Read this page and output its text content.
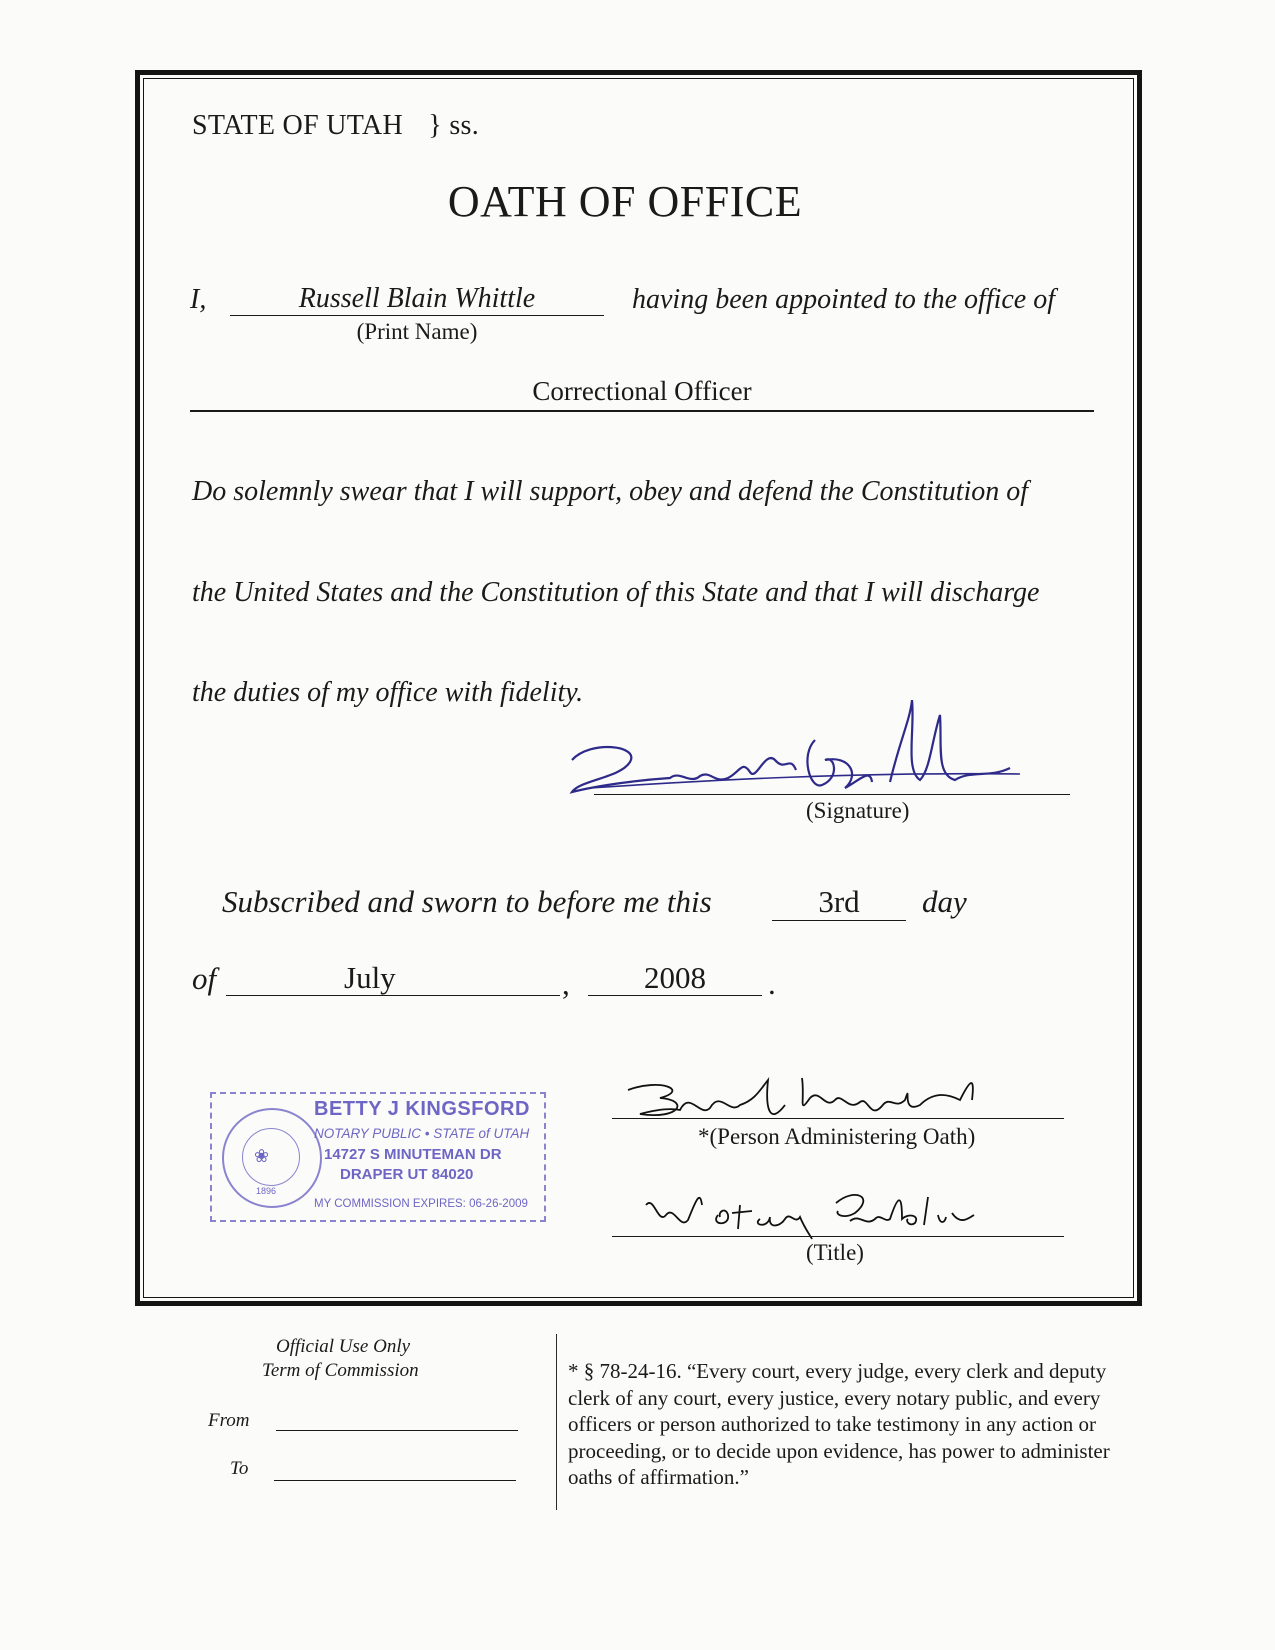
STATE OF UTAH } ss.
OATH OF OFFICE
I,	Russell Blain Whittle
(Print Name)
having been appointed to the office of
Correctional Officer
Do solemnly swear that I will support, obey and defend the Constitution of
the United States and the Constitution of this State and that I will discharge
the duties of my office with fidelity.
(Signature)
Subscribed and sworn to before me this	3rd	day
of	July	,	2008	.
❀
1896
BETTY J KINGSFORD
NOTARY PUBLIC • STATE of UTAH
14727 S MINUTEMAN DR
DRAPER UT 84020
MY COMMISSION EXPIRES: 06-26-2009
*(Person Administering Oath)
(Title)
Official Use Only
Term of Commission
From
To
* § 78-24-16. “Every court, every judge, every clerk and deputy clerk of any court, every justice, every notary public, and every officers or person authorized to take testimony in any action or proceeding, or to decide upon evidence, has power to administer oaths of affirmation.”
